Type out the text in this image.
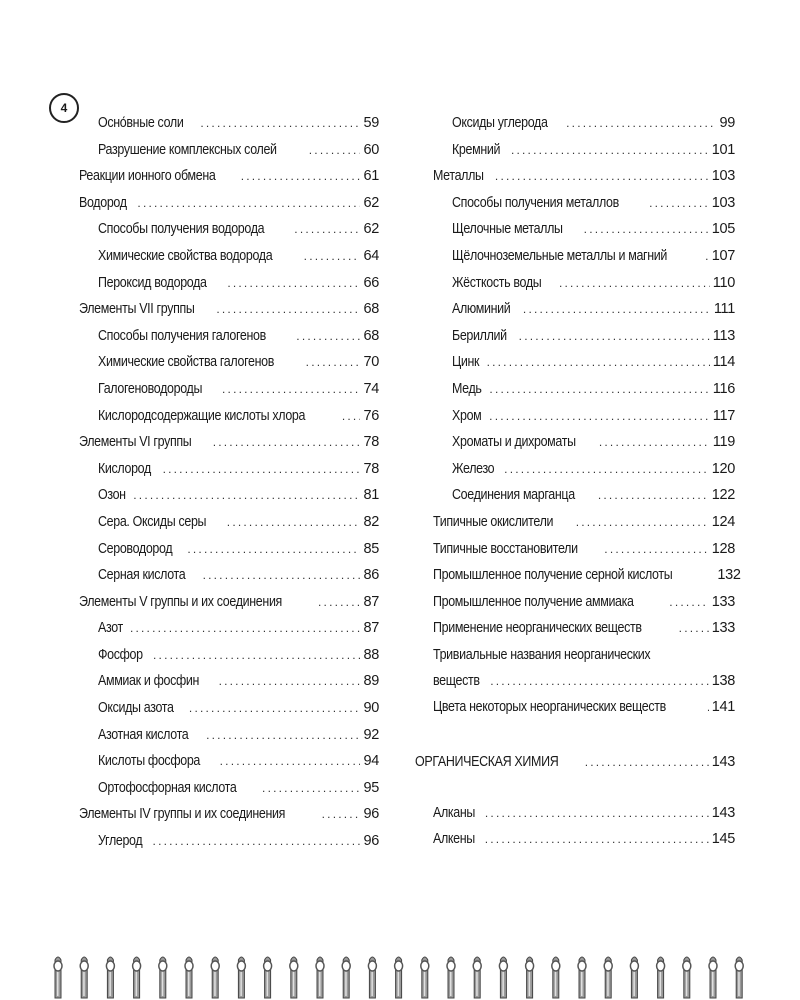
4
Осно́вные соли .....	59
Разрушение комплексных солей .....	60
Реакции ионного обмена .....	61
Водород .....	62
Способы получения водорода .....	62
Химические свойства водорода .....	64
Пероксид водорода .....	66
Элементы VII группы .....	68
Способы получения галогенов .....	68
Химические свойства галогенов .....	70
Галогеноводороды .....	74
Кислородсодержащие кислоты хлора .....	76
Элементы VI группы .....	78
Кислород .....	78
Озон .....	81
Сера. Оксиды серы .....	82
Сероводород .....	85
Серная кислота .....	86
Элементы V группы и их соединения .....	87
Азот .....	87
Фосфор .....	88
Аммиак и фосфин .....	89
Оксиды азота .....	90
Азотная кислота .....	92
Кислоты фосфора .....	94
Ортофосфорная кислота .....	95
Элементы IV группы и их соединения .....	96
Углерод .....	96
Оксиды углерода .....	99
Кремний .....	101
Металлы .....	103
Способы получения металлов .....	103
Щелочные металлы .....	105
Щёлочноземельные металлы и магний .....	107
Жёсткость воды .....	110
Алюминий .....	111
Бериллий .....	113
Цинк .....	114
Медь .....	116
Хром .....	117
Хроматы и дихроматы .....	119
Железо .....	120
Соединения марганца .....	122
Типичные окислители .....	124
Типичные восстановители .....	128
Промышленное получение серной кислоты	132
Промышленное получение аммиака .....	133
Применение неорганических веществ .....	133
Тривиальные названия неорганических
веществ .....	138
Цвета некоторых неорганических веществ .....	141
ОРГАНИЧЕСКАЯ ХИМИЯ .....	143
Алканы .....	143
Алкены .....	145
